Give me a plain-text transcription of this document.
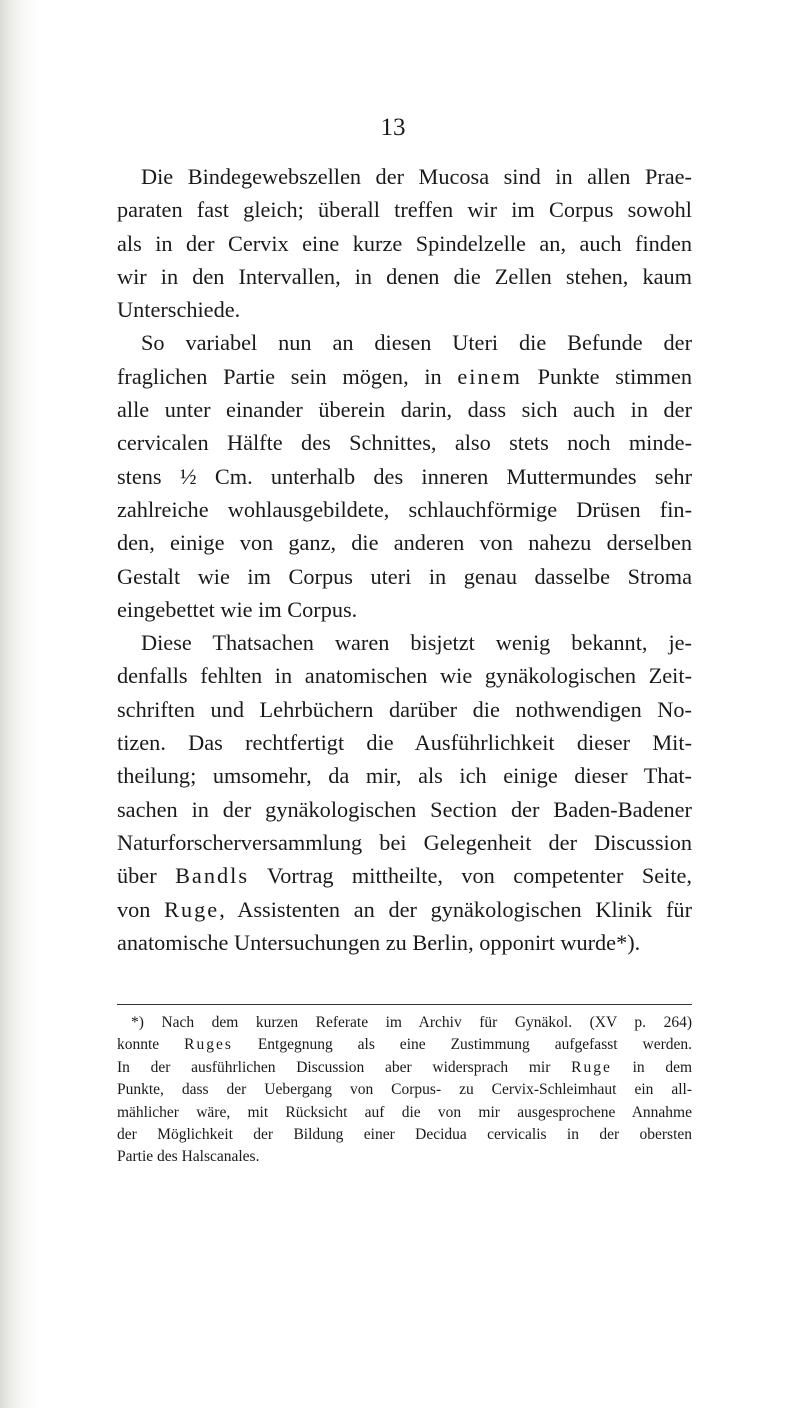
13
Die Bindegewebszellen der Mucosa sind in allen Prae-
paraten fast gleich; überall treffen wir im Corpus sowohl
als in der Cervix eine kurze Spindelzelle an, auch finden
wir in den Intervallen, in denen die Zellen stehen, kaum
Unterschiede.
So variabel nun an diesen Uteri die Befunde der
fraglichen Partie sein mögen, in einem Punkte stimmen
alle unter einander überein darin, dass sich auch in der
cervicalen Hälfte des Schnittes, also stets noch minde-
stens ½ Cm. unterhalb des inneren Muttermundes sehr
zahlreiche wohlausgebildete, schlauchförmige Drüsen fin-
den, einige von ganz, die anderen von nahezu derselben
Gestalt wie im Corpus uteri in genau dasselbe Stroma
eingebettet wie im Corpus.
Diese Thatsachen waren bisjetzt wenig bekannt, je-
denfalls fehlten in anatomischen wie gynäkologischen Zeit-
schriften und Lehrbüchern darüber die nothwendigen No-
tizen. Das rechtfertigt die Ausführlichkeit dieser Mit-
theilung; umsomehr, da mir, als ich einige dieser That-
sachen in der gynäkologischen Section der Baden-Badener
Naturforscherversammlung bei Gelegenheit der Discussion
über Bandls Vortrag mittheilte, von competenter Seite,
von Ruge, Assistenten an der gynäkologischen Klinik für
anatomische Untersuchungen zu Berlin, opponirt wurde*).
*) Nach dem kurzen Referate im Archiv für Gynäkol. (XV p. 264)
konnte Ruges Entgegnung als eine Zustimmung aufgefasst werden.
In der ausführlichen Discussion aber widersprach mir Ruge in dem
Punkte, dass der Uebergang von Corpus- zu Cervix-Schleimhaut ein all-
mählicher wäre, mit Rücksicht auf die von mir ausgesprochene Annahme
der Möglichkeit der Bildung einer Decidua cervicalis in der obersten
Partie des Halscanales.
